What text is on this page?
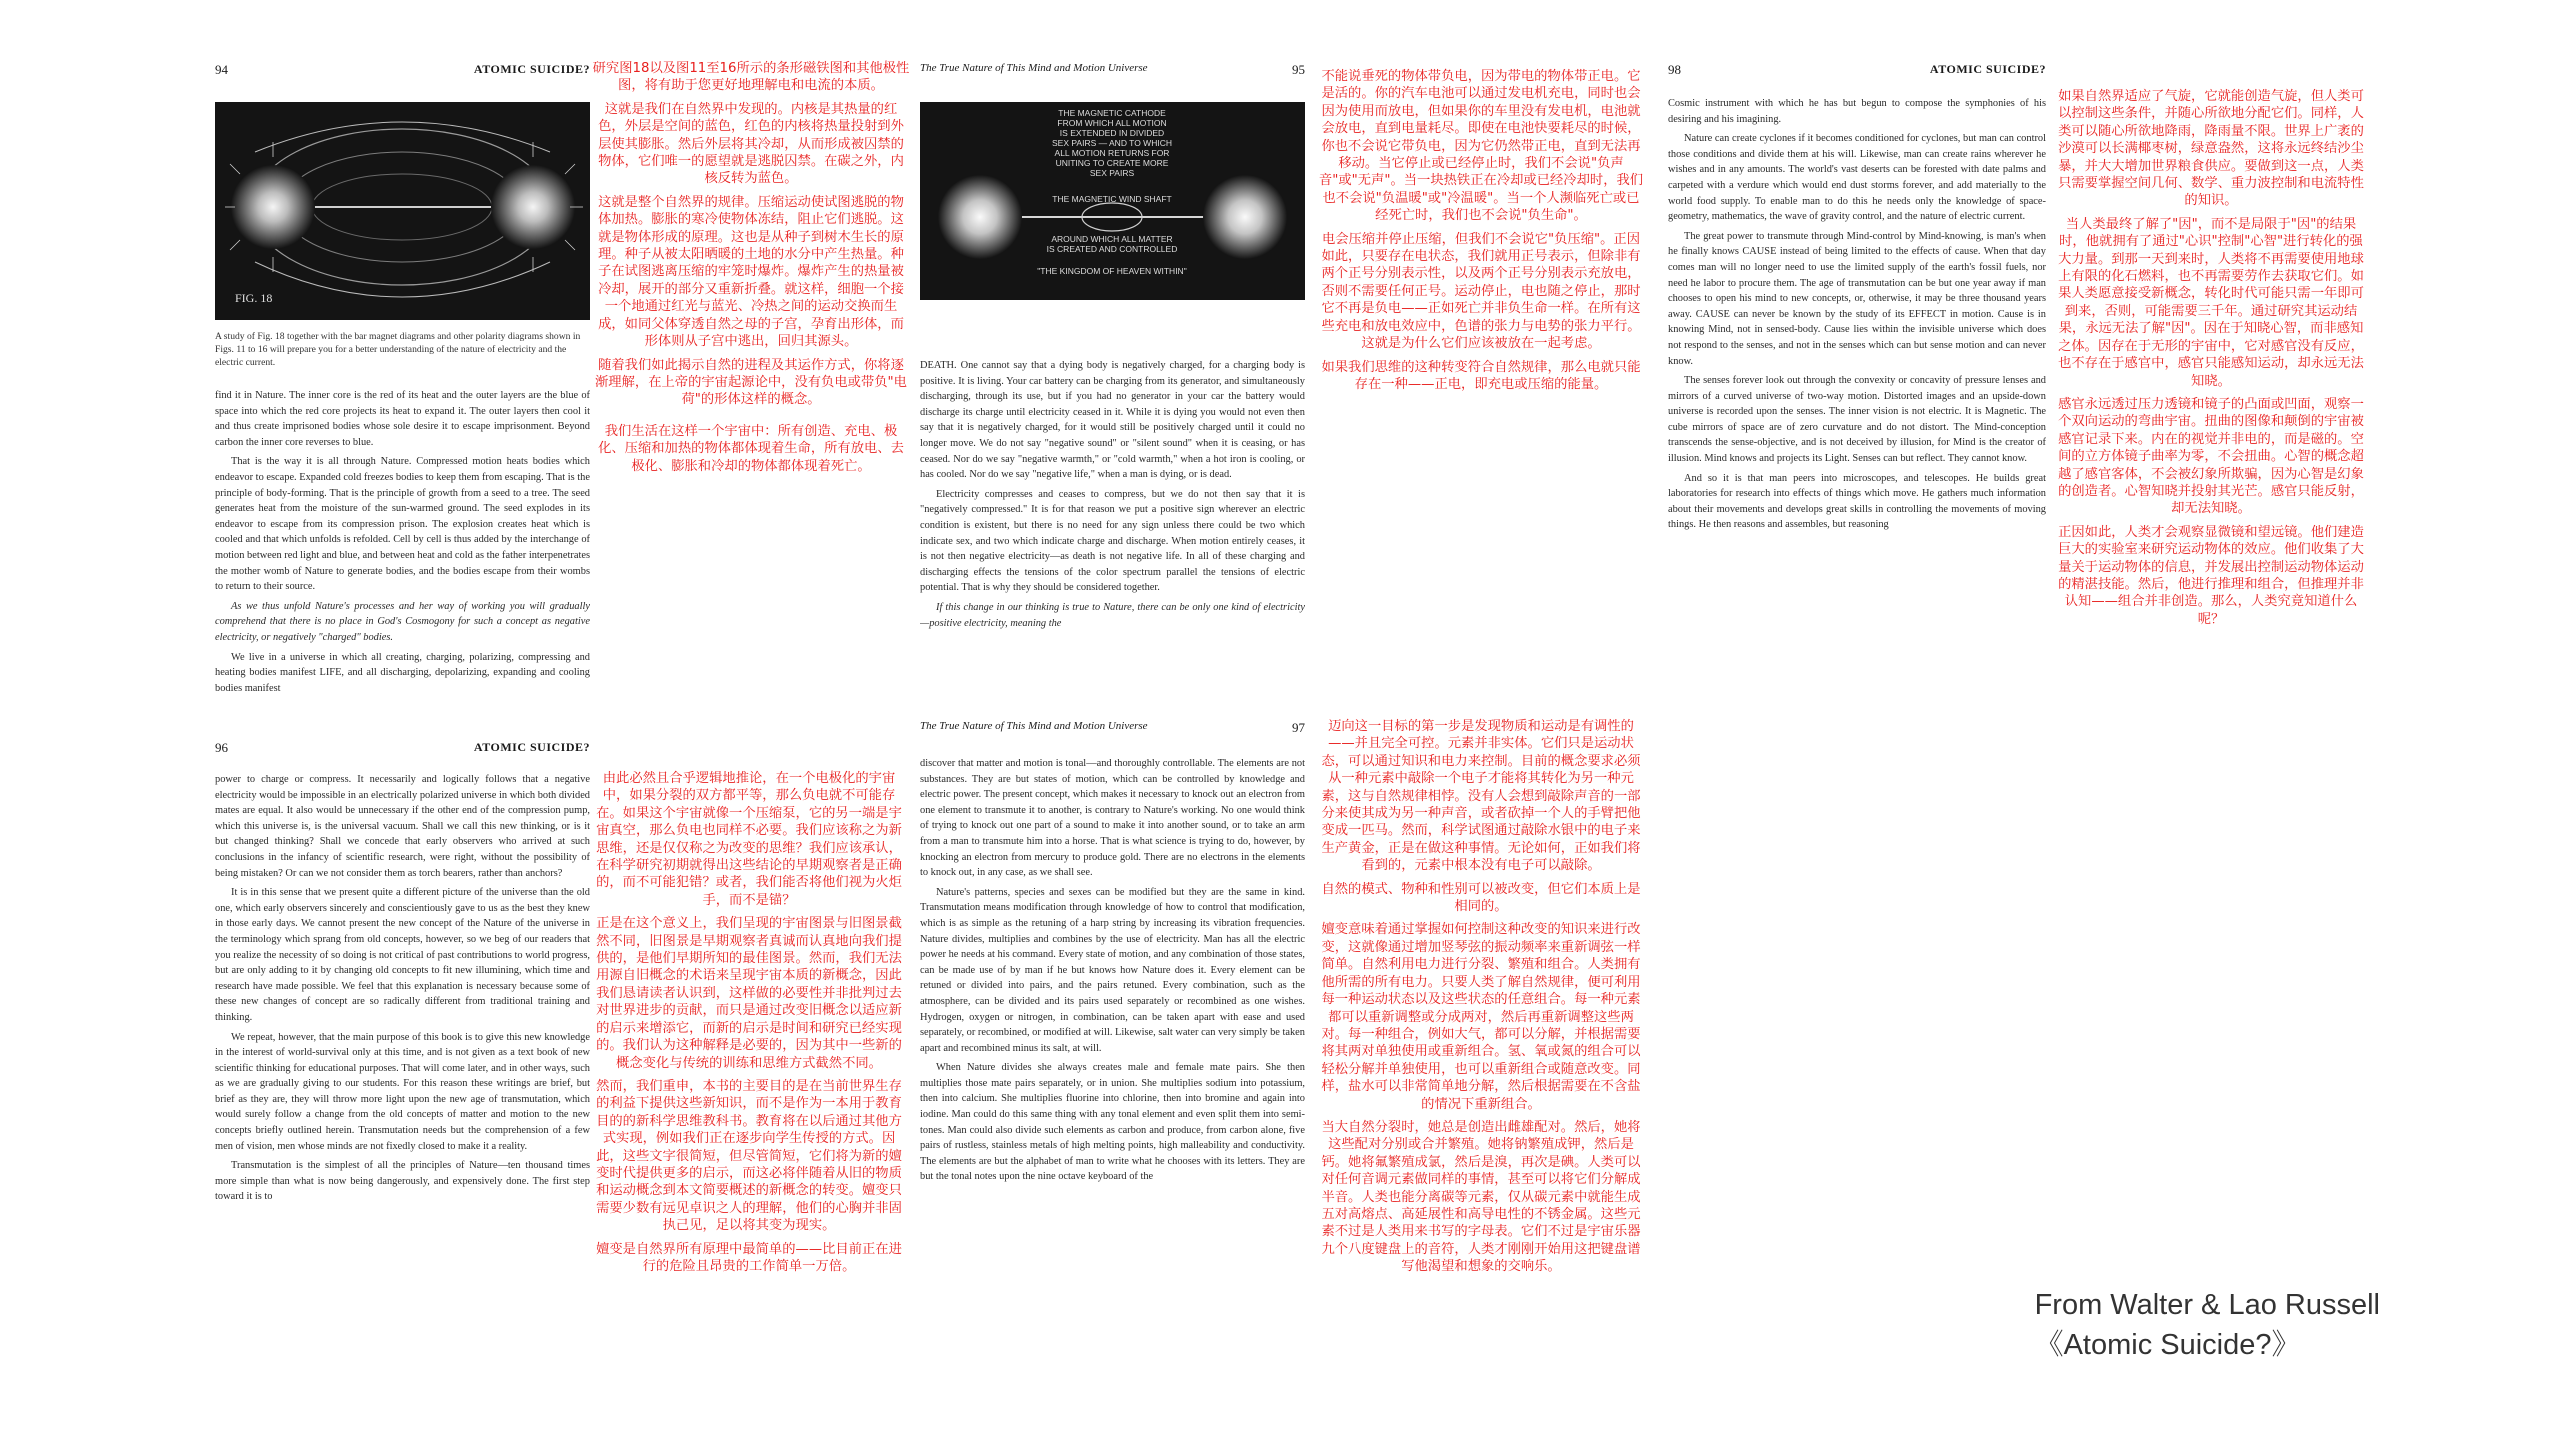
94	ATOMIC SUICIDE?
FIG. 18
A study of Fig. 18 together with the bar magnet diagrams and other polarity diagrams shown in Figs. 11 to 16 will prepare you for a better understanding of the nature of electricity and the electric current.

find it in Nature. The inner core is the red of its heat and the outer layers are the blue of space into which the red core projects its heat to expand it. The outer layers then cool it and thus create imprisoned bodies whose sole desire it to escape imprisonment. Beyond carbon the inner core reverses to blue.

That is the way it is all through Nature. Compressed motion heats bodies which endeavor to escape. Expanded cold freezes bodies to keep them from escaping. That is the principle of body-forming. That is the principle of growth from a seed to a tree. The seed generates heat from the moisture of the sun-warmed ground. The seed explodes in its endeavor to escape from its compression prison. The explosion creates heat which is cooled and that which unfolds is refolded. Cell by cell is thus added by the interchange of motion between red light and blue, and between heat and cold as the father interpenetrates the mother womb of Nature to generate bodies, and the bodies escape from their wombs to return to their source.

As we thus unfold Nature's processes and her way of working you will gradually comprehend that there is no place in God's Cosmogony for such a concept as negative electricity, or negatively "charged" bodies.

We live in a universe in which all creating, charging, polarizing, compressing and heating bodies manifest LIFE, and all discharging, depolarizing, expanding and cooling bodies manifest

研究图18以及图11至16所示的条形磁铁图和其他极性图，将有助于您更好地理解电和电流的本质。

这就是我们在自然界中发现的。内核是其热量的红色，外层是空间的蓝色，红色的内核将热量投射到外层使其膨胀。然后外层将其冷却，从而形成被囚禁的物体，它们唯一的愿望就是逃脱囚禁。在碳之外，内核反转为蓝色。

这就是整个自然界的规律。压缩运动使试图逃脱的物体加热。膨胀的寒冷使物体冻结，阻止它们逃脱。这就是物体形成的原理。这也是从种子到树木生长的原理。种子从被太阳晒暖的土地的水分中产生热量。种子在试图逃离压缩的牢笼时爆炸。爆炸产生的热量被冷却，展开的部分又重新折叠。就这样，细胞一个接一个地通过红光与蓝光、冷热之间的运动交换而生成，如同父体穿透自然之母的子宫，孕育出形体，而形体则从子宫中逃出，回归其源头。

随着我们如此揭示自然的进程及其运作方式，你将逐渐理解，在上帝的宇宙起源论中，没有负电或带负"电荷"的形体这样的概念。

我们生活在这样一个宇宙中：所有创造、充电、极化、压缩和加热的物体都体现着生命，所有放电、去极化、膨胀和冷却的物体都体现着死亡。

The True Nature of This Mind and Motion Universe	95
THE MAGNETIC CATHODE
FROM WHICH ALL MOTION
IS EXTENDED IN DIVIDED
SEX PAIRS — AND TO WHICH
ALL MOTION RETURNS FOR
UNITING TO CREATE MORE
SEX PAIRS
THE MAGNETIC WIND SHAFT
AROUND WHICH ALL MATTER
IS CREATED AND CONTROLLED
"THE KINGDOM OF HEAVEN WITHIN"

DEATH. One cannot say that a dying body is negatively charged, for a charging body is positive. It is living. Your car battery can be charging from its generator, and simultaneously discharging, through its use, but if you had no generator in your car the battery would discharge its charge until electricity ceased in it. While it is dying you would not even then say that it is negatively charged, for it would still be positively charged until it could no longer move. We do not say "negative sound" or "silent sound" when it is ceasing, or has ceased. Nor do we say "negative warmth," or "cold warmth," when a hot iron is cooling, or has cooled. Nor do we say "negative life," when a man is dying, or is dead.

Electricity compresses and ceases to compress, but we do not then say that it is "negatively compressed." It is for that reason we put a positive sign wherever an electric condition is existent, but there is no need for any sign unless there could be two which indicate sex, and two which indicate charge and discharge. When motion entirely ceases, it is not then negative electricity—as death is not negative life. In all of these charging and discharging effects the tensions of the color spectrum parallel the tensions of electric potential. That is why they should be considered together.

If this change in our thinking is true to Nature, there can be only one kind of electricity—positive electricity, meaning the

不能说垂死的物体带负电，因为带电的物体带正电。它是活的。你的汽车电池可以通过发电机充电，同时也会因为使用而放电，但如果你的车里没有发电机，电池就会放电，直到电量耗尽。即使在电池快要耗尽的时候，你也不会说它带负电，因为它仍然带正电，直到无法再移动。当它停止或已经停止时，我们不会说"负声音"或"无声"。当一块热铁正在冷却或已经冷却时，我们也不会说"负温暖"或"冷温暖"。当一个人濒临死亡或已经死亡时，我们也不会说"负生命"。

电会压缩并停止压缩，但我们不会说它"负压缩"。正因如此，只要存在电状态，我们就用正号表示，但除非有两个正号分别表示性，以及两个正号分别表示充放电，否则不需要任何正号。运动停止，电也随之停止，那时它不再是负电——正如死亡并非负生命一样。在所有这些充电和放电效应中，色谱的张力与电势的张力平行。这就是为什么它们应该被放在一起考虑。

如果我们思维的这种转变符合自然规律，那么电就只能存在一种——正电，即充电或压缩的能量。

96	ATOMIC SUICIDE?

power to charge or compress. It necessarily and logically follows that a negative electricity would be impossible in an electrically polarized universe in which both divided mates are equal. It also would be unnecessary if the other end of the compression pump, which this universe is, is the universal vacuum. Shall we call this new thinking, or is it but changed thinking? Shall we concede that early observers who arrived at such conclusions in the infancy of scientific research, were right, without the possibility of being mistaken? Or can we not consider them as torch bearers, rather than anchors?

It is in this sense that we present quite a different picture of the universe than the old one, which early observers sincerely and conscientiously gave to us as the best they knew in those early days. We cannot present the new concept of the Nature of the universe in the terminology which sprang from old concepts, however, so we beg of our readers that you realize the necessity of so doing is not critical of past contributions to world progress, but are only adding to it by changing old concepts to fit new illumining, which time and research have made possible. We feel that this explanation is necessary because some of these new changes of concept are so radically different from traditional training and thinking.

We repeat, however, that the main purpose of this book is to give this new knowledge in the interest of world-survival only at this time, and is not given as a text book of new scientific thinking for educational purposes. That will come later, and in other ways, such as we are gradually giving to our students. For this reason these writings are brief, but brief as they are, they will throw more light upon the new age of transmutation, which would surely follow a change from the old concepts of matter and motion to the new concepts briefly outlined herein. Transmutation needs but the comprehension of a few men of vision, men whose minds are not fixedly closed to make it a reality.

Transmutation is the simplest of all the principles of Nature—ten thousand times more simple than what is now being dangerously, and expensively done. The first step toward it is to

由此必然且合乎逻辑地推论，在一个电极化的宇宙中，如果分裂的双方都平等，那么负电就不可能存在。如果这个宇宙就像一个压缩泵，它的另一端是宇宙真空，那么负电也同样不必要。我们应该称之为新思维，还是仅仅称之为改变的思维？我们应该承认，在科学研究初期就得出这些结论的早期观察者是正确的，而不可能犯错？或者，我们能否将他们视为火炬手，而不是锚？

正是在这个意义上，我们呈现的宇宙图景与旧图景截然不同，旧图景是早期观察者真诚而认真地向我们提供的，是他们早期所知的最佳图景。然而，我们无法用源自旧概念的术语来呈现宇宙本质的新概念，因此我们恳请读者认识到，这样做的必要性并非批判过去对世界进步的贡献，而只是通过改变旧概念以适应新的启示来增添它，而新的启示是时间和研究已经实现的。我们认为这种解释是必要的，因为其中一些新的概念变化与传统的训练和思维方式截然不同。

然而，我们重申，本书的主要目的是在当前世界生存的利益下提供这些新知识，而不是作为一本用于教育目的的新科学思维教科书。教育将在以后通过其他方式实现，例如我们正在逐步向学生传授的方式。因此，这些文字很简短，但尽管简短，它们将为新的嬗变时代提供更多的启示，而这必将伴随着从旧的物质和运动概念到本文简要概述的新概念的转变。嬗变只需要少数有远见卓识之人的理解，他们的心胸并非固执己见，足以将其变为现实。

嬗变是自然界所有原理中最简单的——比目前正在进行的危险且昂贵的工作简单一万倍。

The True Nature of This Mind and Motion Universe	97

discover that matter and motion is tonal—and thoroughly controllable. The elements are not substances. They are but states of motion, which can be controlled by knowledge and electric power. The present concept, which makes it necessary to knock out an electron from one element to transmute it to another, is contrary to Nature's working. No one would think of trying to knock out one part of a sound to make it into another sound, or to take an arm from a man to transmute him into a horse. That is what science is trying to do, however, by knocking an electron from mercury to produce gold. There are no electrons in the elements to knock out, in any case, as we shall see.

Nature's patterns, species and sexes can be modified but they are the same in kind. Transmutation means modification through knowledge of how to control that modification, which is as simple as the retuning of a harp string by increasing its vibration frequencies. Nature divides, multiplies and combines by the use of electricity. Man has all the electric power he needs at his command. Every state of motion, and any combination of those states, can be made use of by man if he but knows how Nature does it. Every element can be retuned or divided into pairs, and the pairs retuned. Every combination, such as the atmosphere, can be divided and its pairs used separately or recombined as one wishes. Hydrogen, oxygen or nitrogen, in combination, can be taken apart with ease and used separately, or recombined, or modified at will. Likewise, salt water can very simply be taken apart and recombined minus its salt, at will.

When Nature divides she always creates male and female mate pairs. She then multiplies those mate pairs separately, or in union. She multiplies sodium into potassium, then into calcium. She multiplies fluorine into chlorine, then into bromine and again into iodine. Man could do this same thing with any tonal element and even split them into semi-tones. Man could also divide such elements as carbon and produce, from carbon alone, five pairs of rustless, stainless metals of high melting points, high malleability and conductivity. The elements are but the alphabet of man to write what he chooses with its letters. They are but the tonal notes upon the nine octave keyboard of the

迈向这一目标的第一步是发现物质和运动是有调性的——并且完全可控。元素并非实体。它们只是运动状态，可以通过知识和电力来控制。目前的概念要求必须从一种元素中敲除一个电子才能将其转化为另一种元素，这与自然规律相悖。没有人会想到敲除声音的一部分来使其成为另一种声音，或者砍掉一个人的手臂把他变成一匹马。然而，科学试图通过敲除水银中的电子来生产黄金，正是在做这种事情。无论如何，正如我们将看到的，元素中根本没有电子可以敲除。

自然的模式、物种和性别可以被改变，但它们本质上是相同的。

嬗变意味着通过掌握如何控制这种改变的知识来进行改变，这就像通过增加竖琴弦的振动频率来重新调弦一样简单。自然利用电力进行分裂、繁殖和组合。人类拥有他所需的所有电力。只要人类了解自然规律，便可利用每一种运动状态以及这些状态的任意组合。每一种元素都可以重新调整或分成两对，然后再重新调整这些两对。每一种组合，例如大气，都可以分解，并根据需要将其两对单独使用或重新组合。氢、氧或氮的组合可以轻松分解并单独使用，也可以重新组合或随意改变。同样，盐水可以非常简单地分解，然后根据需要在不含盐的情况下重新组合。

当大自然分裂时，她总是创造出雌雄配对。然后，她将这些配对分别或合并繁殖。她将钠繁殖成钾，然后是钙。她将氟繁殖成氯，然后是溴，再次是碘。人类可以对任何音调元素做同样的事情，甚至可以将它们分解成半音。人类也能分离碳等元素，仅从碳元素中就能生成五对高熔点、高延展性和高导电性的不锈金属。这些元素不过是人类用来书写的字母表。它们不过是宇宙乐器九个八度键盘上的音符，人类才刚刚开始用这把键盘谱写他渴望和想象的交响乐。

98	ATOMIC SUICIDE?

Cosmic instrument with which he has but begun to compose the symphonies of his desiring and his imagining.

Nature can create cyclones if it becomes conditioned for cyclones, but man can control those conditions and divide them at his will. Likewise, man can create rains wherever he wishes and in any amounts. The world's vast deserts can be forested with date palms and carpeted with a verdure which would end dust storms forever, and add materially to the world food supply. To enable man to do this he needs only the knowledge of space-geometry, mathematics, the wave of gravity control, and the nature of electric current.

The great power to transmute through Mind-control by Mind-knowing, is man's when he finally knows CAUSE instead of being limited to the effects of cause. When that day comes man will no longer need to use the limited supply of the earth's fossil fuels, nor need he labor to procure them. The age of transmutation can be but one year away if man chooses to open his mind to new concepts, or, otherwise, it may be three thousand years away. CAUSE can never be known by the study of its EFFECT in motion. Cause is in knowing Mind, not in sensed-body. Cause lies within the invisible universe which does not respond to the senses, and not in the senses which can but sense motion and can never know.

The senses forever look out through the convexity or concavity of pressure lenses and mirrors of a curved universe of two-way motion. Distorted images and an upside-down universe is recorded upon the senses. The inner vision is not electric. It is Magnetic. The cube mirrors of space are of zero curvature and do not distort. The Mind-conception transcends the sense-objective, and is not deceived by illusion, for Mind is the creator of illusion. Mind knows and projects its Light. Senses can but reflect. They cannot know.

And so it is that man peers into microscopes, and telescopes. He builds great laboratories for research into effects of things which move. He gathers much information about their movements and develops great skills in controlling the movements of moving things. He then reasons and assembles, but reasoning

如果自然界适应了气旋，它就能创造气旋，但人类可以控制这些条件，并随心所欲地分配它们。同样，人类可以随心所欲地降雨，降雨量不限。世界上广袤的沙漠可以长满椰枣树，绿意盎然，这将永远终结沙尘暴，并大大增加世界粮食供应。要做到这一点，人类只需要掌握空间几何、数学、重力波控制和电流特性的知识。

当人类最终了解了"因"，而不是局限于"因"的结果时，他就拥有了通过"心识"控制"心智"进行转化的强大力量。到那一天到来时，人类将不再需要使用地球上有限的化石燃料，也不再需要劳作去获取它们。如果人类愿意接受新概念，转化时代可能只需一年即可到来，否则，可能需要三千年。通过研究其运动结果，永远无法了解"因"。因在于知晓心智，而非感知之体。因存在于无形的宇宙中，它对感官没有反应，也不存在于感官中，感官只能感知运动，却永远无法知晓。

感官永远透过压力透镜和镜子的凸面或凹面，观察一个双向运动的弯曲宇宙。扭曲的图像和颠倒的宇宙被感官记录下来。内在的视觉并非电的，而是磁的。空间的立方体镜子曲率为零，不会扭曲。心智的概念超越了感官客体，不会被幻象所欺骗，因为心智是幻象的创造者。心智知晓并投射其光芒。感官只能反射，却无法知晓。

正因如此，人类才会观察显微镜和望远镜。他们建造巨大的实验室来研究运动物体的效应。他们收集了大量关于运动物体的信息，并发展出控制运动物体运动的精湛技能。然后，他进行推理和组合，但推理并非认知——组合并非创造。那么，人类究竟知道什么呢？

From Walter & Lao Russell
《Atomic Suicide?》
